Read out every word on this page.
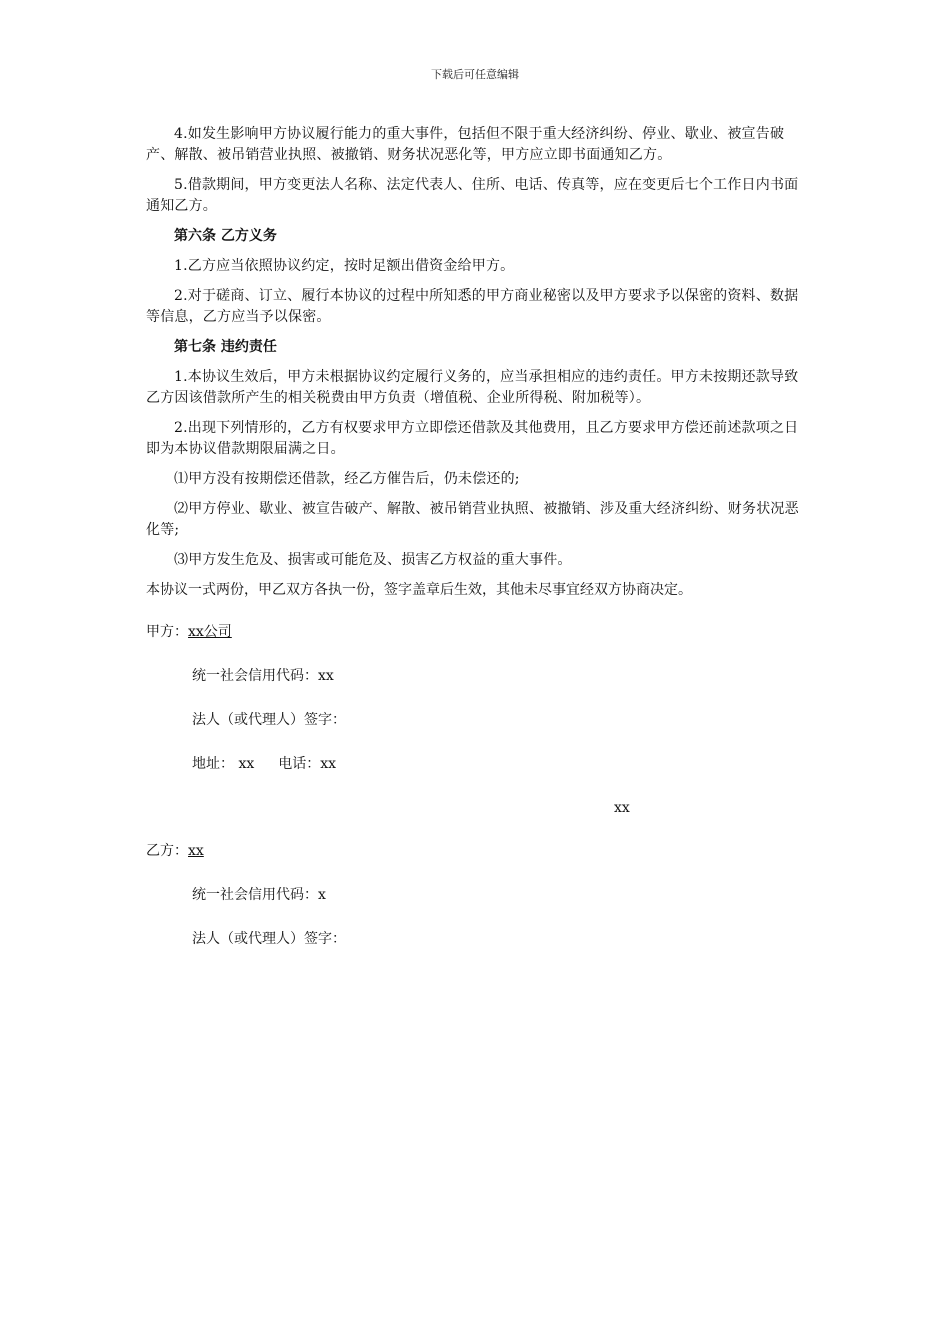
下载后可任意编辑

4.如发生影响甲方协议履行能力的重大事件，包括但不限于重大经济纠纷、停业、歇业、被宣告破产、解散、被吊销营业执照、被撤销、财务状况恶化等，甲方应立即书面通知乙方。

5.借款期间，甲方变更法人名称、法定代表人、住所、电话、传真等，应在变更后七个工作日内书面通知乙方。

第六条 乙方义务

1.乙方应当依照协议约定，按时足额出借资金给甲方。

2.对于磋商、订立、履行本协议的过程中所知悉的甲方商业秘密以及甲方要求予以保密的资料、数据等信息，乙方应当予以保密。

第七条 违约责任

1.本协议生效后，甲方未根据协议约定履行义务的，应当承担相应的违约责任。甲方未按期还款导致乙方因该借款所产生的相关税费由甲方负责（增值税、企业所得税、附加税等）。

2.出现下列情形的，乙方有权要求甲方立即偿还借款及其他费用，且乙方要求甲方偿还前述款项之日即为本协议借款期限届满之日。

⑴甲方没有按期偿还借款，经乙方催告后，仍未偿还的;

⑵甲方停业、歇业、被宣告破产、解散、被吊销营业执照、被撤销、涉及重大经济纠纷、财务状况恶化等;

⑶甲方发生危及、损害或可能危及、损害乙方权益的重大事件。

本协议一式两份，甲乙双方各执一份，签字盖章后生效，其他未尽事宜经双方协商决定。

甲方：xx公司
统一社会信用代码：xx
法人（或代理人）签字：
地址： xx 电话：xx
xx
乙方：xx
统一社会信用代码：x
法人（或代理人）签字：
